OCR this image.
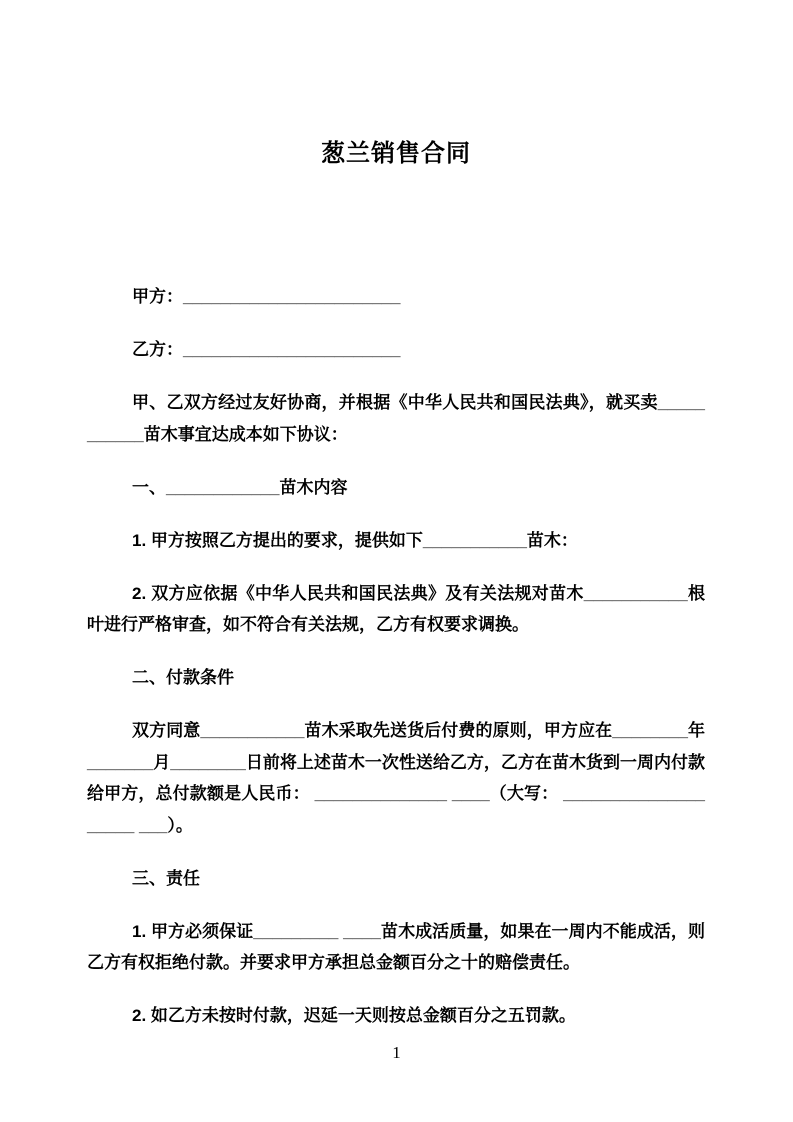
葱兰销售合同

甲方：_______________________

乙方：_______________________

甲、乙双方经过友好协商，并根据《中华人民共和国民法典》，就买卖___________苗木事宜达成本如下协议：

一、____________苗木内容

1. 甲方按照乙方提出的要求，提供如下___________苗木：

2. 双方应依据《中华人民共和国民法典》及有关法规对苗木___________根叶进行严格审查，如不符合有关法规，乙方有权要求调换。

二、付款条件

双方同意___________苗木采取先送货后付费的原则，甲方应在________年_______月________日前将上述苗木一次性送给乙方，乙方在苗木货到一周内付款给甲方，总付款额是人民币： ______________ ____（大写： ____________________ ___）。

三、责任

1. 甲方必须保证_________ ____苗木成活质量，如果在一周内不能成活，则乙方有权拒绝付款。并要求甲方承担总金额百分之十的赔偿责任。

2. 如乙方未按时付款，迟延一天则按总金额百分之五罚款。

1
